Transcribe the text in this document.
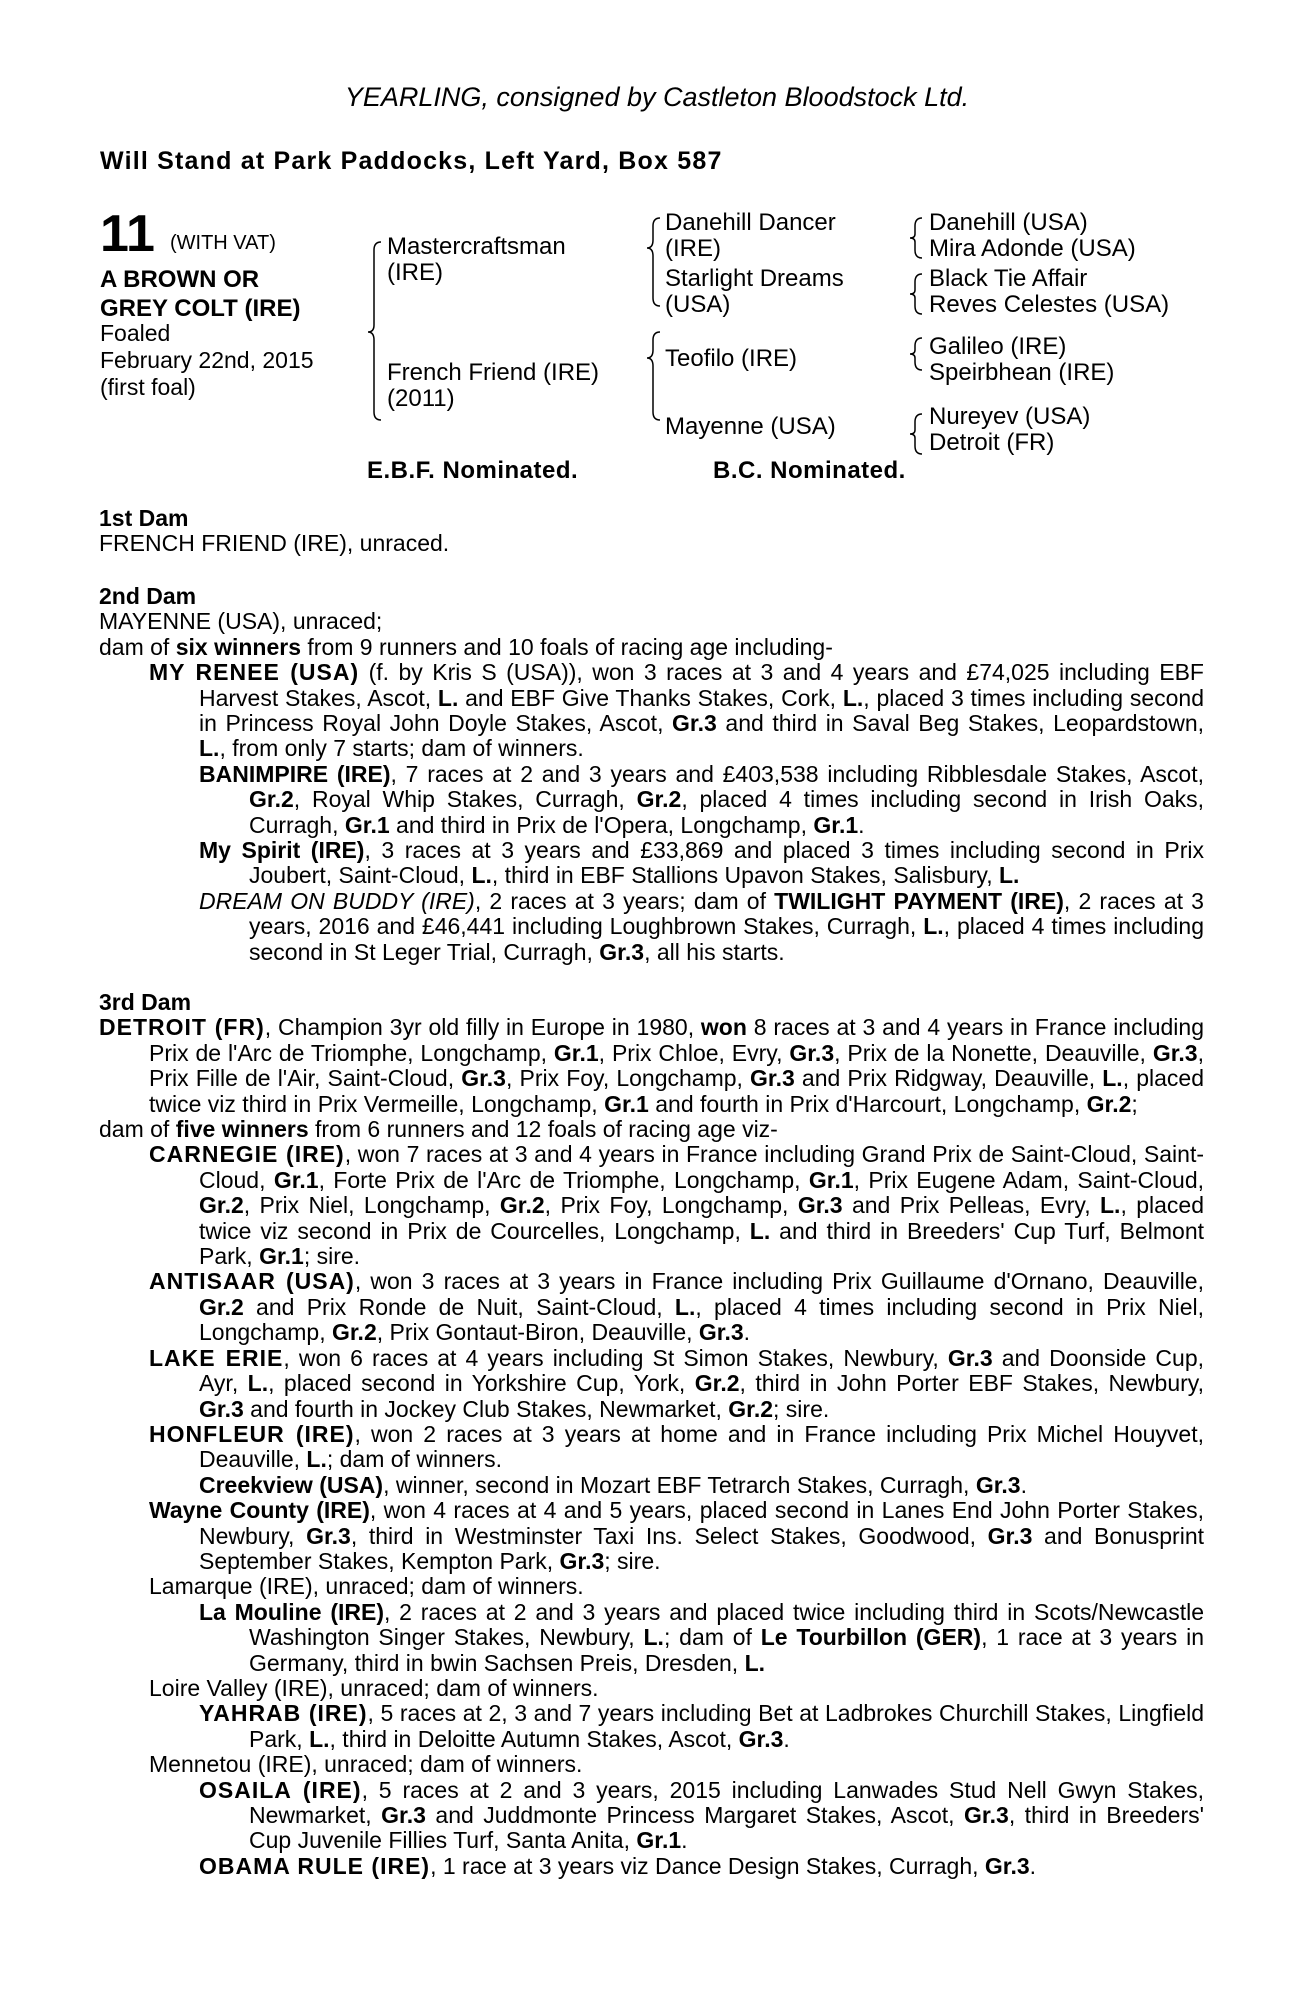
YEARLING, consigned by Castleton Bloodstock Ltd.
Will Stand at Park Paddocks, Left Yard, Box 587
11 (WITH VAT)
A BROWN OR
GREY COLT (IRE)
Foaled
February 22nd, 2015
(first foal)
Mastercraftsman
(IRE)
French Friend (IRE)
(2011)
Danehill Dancer
(IRE)
Starlight Dreams
(USA)
Teofilo (IRE)
Mayenne (USA)
Danehill (USA)
Mira Adonde (USA)
Black Tie Affair
Reves Celestes (USA)
Galileo (IRE)
Speirbhean (IRE)
Nureyev (USA)
Detroit (FR)
E.B.F. Nominated.	B.C. Nominated.
1st Dam
FRENCH FRIEND (IRE), unraced.
2nd Dam
MAYENNE (USA), unraced;
dam of six winners from 9 runners and 10 foals of racing age including-
MY RENEE (USA) (f. by Kris S (USA)), won 3 races at 3 and 4 years and £74,025 including EBF Harvest Stakes, Ascot, L. and EBF Give Thanks Stakes, Cork, L., placed 3 times including second in Princess Royal John Doyle Stakes, Ascot, Gr.3 and third in Saval Beg Stakes, Leopardstown, L., from only 7 starts; dam of winners.
BANIMPIRE (IRE), 7 races at 2 and 3 years and £403,538 including Ribblesdale Stakes, Ascot, Gr.2, Royal Whip Stakes, Curragh, Gr.2, placed 4 times including second in Irish Oaks, Curragh, Gr.1 and third in Prix de l'Opera, Longchamp, Gr.1.
My Spirit (IRE), 3 races at 3 years and £33,869 and placed 3 times including second in Prix Joubert, Saint-Cloud, L., third in EBF Stallions Upavon Stakes, Salisbury, L.
DREAM ON BUDDY (IRE), 2 races at 3 years; dam of TWILIGHT PAYMENT (IRE), 2 races at 3 years, 2016 and £46,441 including Loughbrown Stakes, Curragh, L., placed 4 times including second in St Leger Trial, Curragh, Gr.3, all his starts.
3rd Dam
DETROIT (FR), Champion 3yr old filly in Europe in 1980, won 8 races at 3 and 4 years in France including Prix de l'Arc de Triomphe, Longchamp, Gr.1, Prix Chloe, Evry, Gr.3, Prix de la Nonette, Deauville, Gr.3, Prix Fille de l'Air, Saint-Cloud, Gr.3, Prix Foy, Longchamp, Gr.3 and Prix Ridgway, Deauville, L., placed twice viz third in Prix Vermeille, Longchamp, Gr.1 and fourth in Prix d'Harcourt, Longchamp, Gr.2;
dam of five winners from 6 runners and 12 foals of racing age viz-
CARNEGIE (IRE), won 7 races at 3 and 4 years in France including Grand Prix de Saint-Cloud, Saint-Cloud, Gr.1, Forte Prix de l'Arc de Triomphe, Longchamp, Gr.1, Prix Eugene Adam, Saint-Cloud, Gr.2, Prix Niel, Longchamp, Gr.2, Prix Foy, Longchamp, Gr.3 and Prix Pelleas, Evry, L., placed twice viz second in Prix de Courcelles, Longchamp, L. and third in Breeders' Cup Turf, Belmont Park, Gr.1; sire.
ANTISAAR (USA), won 3 races at 3 years in France including Prix Guillaume d'Ornano, Deauville, Gr.2 and Prix Ronde de Nuit, Saint-Cloud, L., placed 4 times including second in Prix Niel, Longchamp, Gr.2, Prix Gontaut-Biron, Deauville, Gr.3.
LAKE ERIE, won 6 races at 4 years including St Simon Stakes, Newbury, Gr.3 and Doonside Cup, Ayr, L., placed second in Yorkshire Cup, York, Gr.2, third in John Porter EBF Stakes, Newbury, Gr.3 and fourth in Jockey Club Stakes, Newmarket, Gr.2; sire.
HONFLEUR (IRE), won 2 races at 3 years at home and in France including Prix Michel Houyvet, Deauville, L.; dam of winners.
Creekview (USA), winner, second in Mozart EBF Tetrarch Stakes, Curragh, Gr.3.
Wayne County (IRE), won 4 races at 4 and 5 years, placed second in Lanes End John Porter Stakes, Newbury, Gr.3, third in Westminster Taxi Ins. Select Stakes, Goodwood, Gr.3 and Bonusprint September Stakes, Kempton Park, Gr.3; sire.
Lamarque (IRE), unraced; dam of winners.
La Mouline (IRE), 2 races at 2 and 3 years and placed twice including third in Scots/Newcastle Washington Singer Stakes, Newbury, L.; dam of Le Tourbillon (GER), 1 race at 3 years in Germany, third in bwin Sachsen Preis, Dresden, L.
Loire Valley (IRE), unraced; dam of winners.
YAHRAB (IRE), 5 races at 2, 3 and 7 years including Bet at Ladbrokes Churchill Stakes, Lingfield Park, L., third in Deloitte Autumn Stakes, Ascot, Gr.3.
Mennetou (IRE), unraced; dam of winners.
OSAILA (IRE), 5 races at 2 and 3 years, 2015 including Lanwades Stud Nell Gwyn Stakes, Newmarket, Gr.3 and Juddmonte Princess Margaret Stakes, Ascot, Gr.3, third in Breeders' Cup Juvenile Fillies Turf, Santa Anita, Gr.1.
OBAMA RULE (IRE), 1 race at 3 years viz Dance Design Stakes, Curragh, Gr.3.
